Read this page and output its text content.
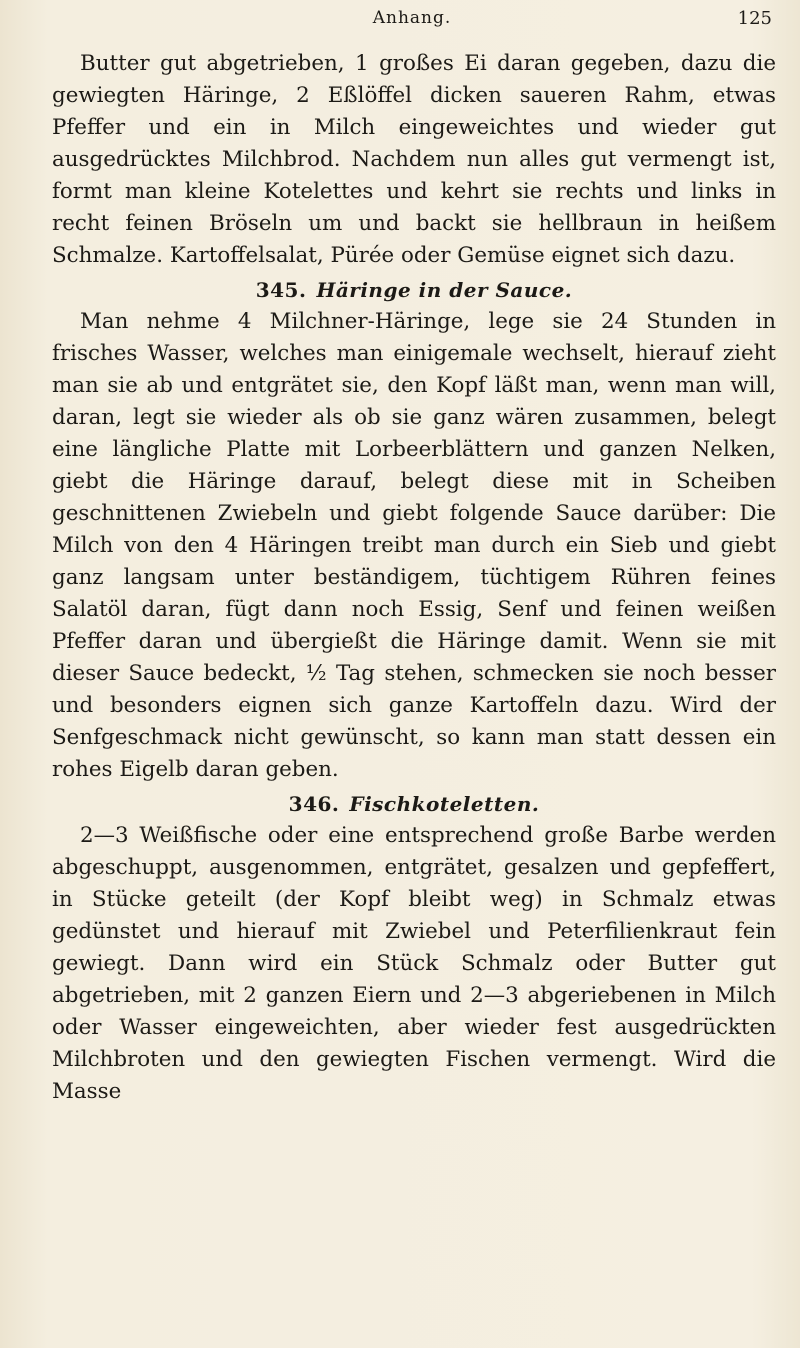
Anhang.	125

Butter gut abgetrieben, 1 großes Ei daran gegeben, dazu die gewiegten Häringe, 2 Eßlöffel dicken saueren Rahm, etwas Pfeffer und ein in Milch eingeweichtes und wieder gut ausgedrücktes Milchbrod. Nachdem nun alles gut vermengt ist, formt man kleine Kotelettes und kehrt sie rechts und links in recht feinen Bröseln um und backt sie hellbraun in heißem Schmalze. Kartoffelsalat, Pürée oder Gemüse eignet sich dazu.

345. Häringe in der Sauce.

Man nehme 4 Milchner-Häringe, lege sie 24 Stunden in frisches Wasser, welches man einigemale wechselt, hierauf zieht man sie ab und entgrätet sie, den Kopf läßt man, wenn man will, daran, legt sie wieder als ob sie ganz wären zusammen, belegt eine längliche Platte mit Lorbeerblättern und ganzen Nelken, giebt die Häringe darauf, belegt diese mit in Scheiben geschnittenen Zwiebeln und giebt folgende Sauce darüber: Die Milch von den 4 Häringen treibt man durch ein Sieb und giebt ganz langsam unter beständigem, tüchtigem Rühren feines Salatöl daran, fügt dann noch Essig, Senf und feinen weißen Pfeffer daran und übergießt die Häringe damit. Wenn sie mit dieser Sauce bedeckt, ½ Tag stehen, schmecken sie noch besser und besonders eignen sich ganze Kartoffeln dazu. Wird der Senfgeschmack nicht gewünscht, so kann man statt dessen ein rohes Eigelb daran geben.

346. Fischkoteletten.

2—3 Weißfische oder eine entsprechend große Barbe werden abgeschuppt, ausgenommen, entgrätet, gesalzen und gepfeffert, in Stücke geteilt (der Kopf bleibt weg) in Schmalz etwas gedünstet und hierauf mit Zwiebel und Peterfilienkraut fein gewiegt. Dann wird ein Stück Schmalz oder Butter gut abgetrieben, mit 2 ganzen Eiern und 2—3 abgeriebenen in Milch oder Wasser eingeweichten, aber wieder fest ausgedrückten Milchbroten und den gewiegten Fischen vermengt. Wird die Masse
